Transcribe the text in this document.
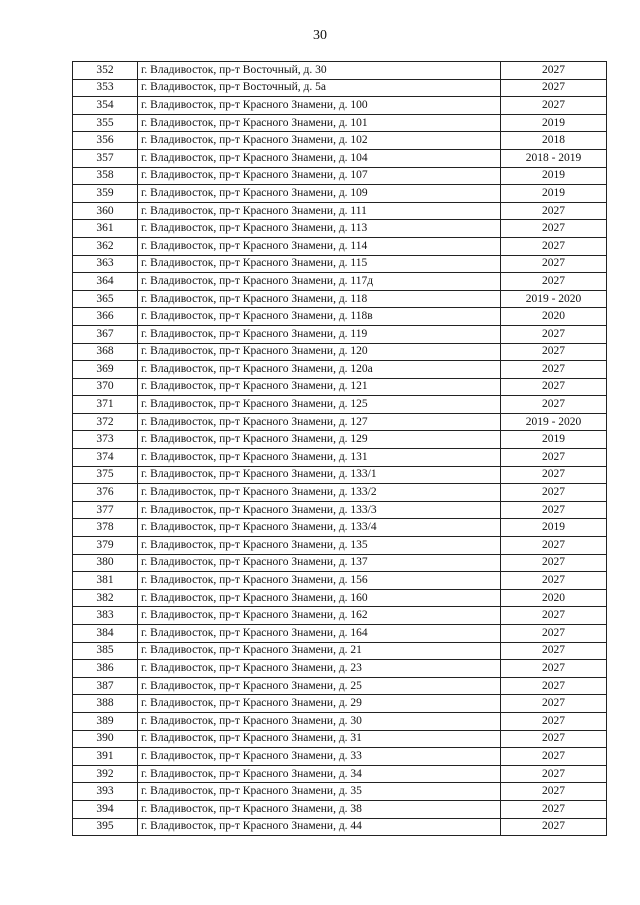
30
352	г. Владивосток, пр-т Восточный, д. 30	2027
353	г. Владивосток, пр-т Восточный, д. 5а	2027
354	г. Владивосток, пр-т Красного Знамени, д. 100	2027
355	г. Владивосток, пр-т Красного Знамени, д. 101	2019
356	г. Владивосток, пр-т Красного Знамени, д. 102	2018
357	г. Владивосток, пр-т Красного Знамени, д. 104	2018 - 2019
358	г. Владивосток, пр-т Красного Знамени, д. 107	2019
359	г. Владивосток, пр-т Красного Знамени, д. 109	2019
360	г. Владивосток, пр-т Красного Знамени, д. 111	2027
361	г. Владивосток, пр-т Красного Знамени, д. 113	2027
362	г. Владивосток, пр-т Красного Знамени, д. 114	2027
363	г. Владивосток, пр-т Красного Знамени, д. 115	2027
364	г. Владивосток, пр-т Красного Знамени, д. 117д	2027
365	г. Владивосток, пр-т Красного Знамени, д. 118	2019 - 2020
366	г. Владивосток, пр-т Красного Знамени, д. 118в	2020
367	г. Владивосток, пр-т Красного Знамени, д. 119	2027
368	г. Владивосток, пр-т Красного Знамени, д. 120	2027
369	г. Владивосток, пр-т Красного Знамени, д. 120а	2027
370	г. Владивосток, пр-т Красного Знамени, д. 121	2027
371	г. Владивосток, пр-т Красного Знамени, д. 125	2027
372	г. Владивосток, пр-т Красного Знамени, д. 127	2019 - 2020
373	г. Владивосток, пр-т Красного Знамени, д. 129	2019
374	г. Владивосток, пр-т Красного Знамени, д. 131	2027
375	г. Владивосток, пр-т Красного Знамени, д. 133/1	2027
376	г. Владивосток, пр-т Красного Знамени, д. 133/2	2027
377	г. Владивосток, пр-т Красного Знамени, д. 133/3	2027
378	г. Владивосток, пр-т Красного Знамени, д. 133/4	2019
379	г. Владивосток, пр-т Красного Знамени, д. 135	2027
380	г. Владивосток, пр-т Красного Знамени, д. 137	2027
381	г. Владивосток, пр-т Красного Знамени, д. 156	2027
382	г. Владивосток, пр-т Красного Знамени, д. 160	2020
383	г. Владивосток, пр-т Красного Знамени, д. 162	2027
384	г. Владивосток, пр-т Красного Знамени, д. 164	2027
385	г. Владивосток, пр-т Красного Знамени, д. 21	2027
386	г. Владивосток, пр-т Красного Знамени, д. 23	2027
387	г. Владивосток, пр-т Красного Знамени, д. 25	2027
388	г. Владивосток, пр-т Красного Знамени, д. 29	2027
389	г. Владивосток, пр-т Красного Знамени, д. 30	2027
390	г. Владивосток, пр-т Красного Знамени, д. 31	2027
391	г. Владивосток, пр-т Красного Знамени, д. 33	2027
392	г. Владивосток, пр-т Красного Знамени, д. 34	2027
393	г. Владивосток, пр-т Красного Знамени, д. 35	2027
394	г. Владивосток, пр-т Красного Знамени, д. 38	2027
395	г. Владивосток, пр-т Красного Знамени, д. 44	2027
